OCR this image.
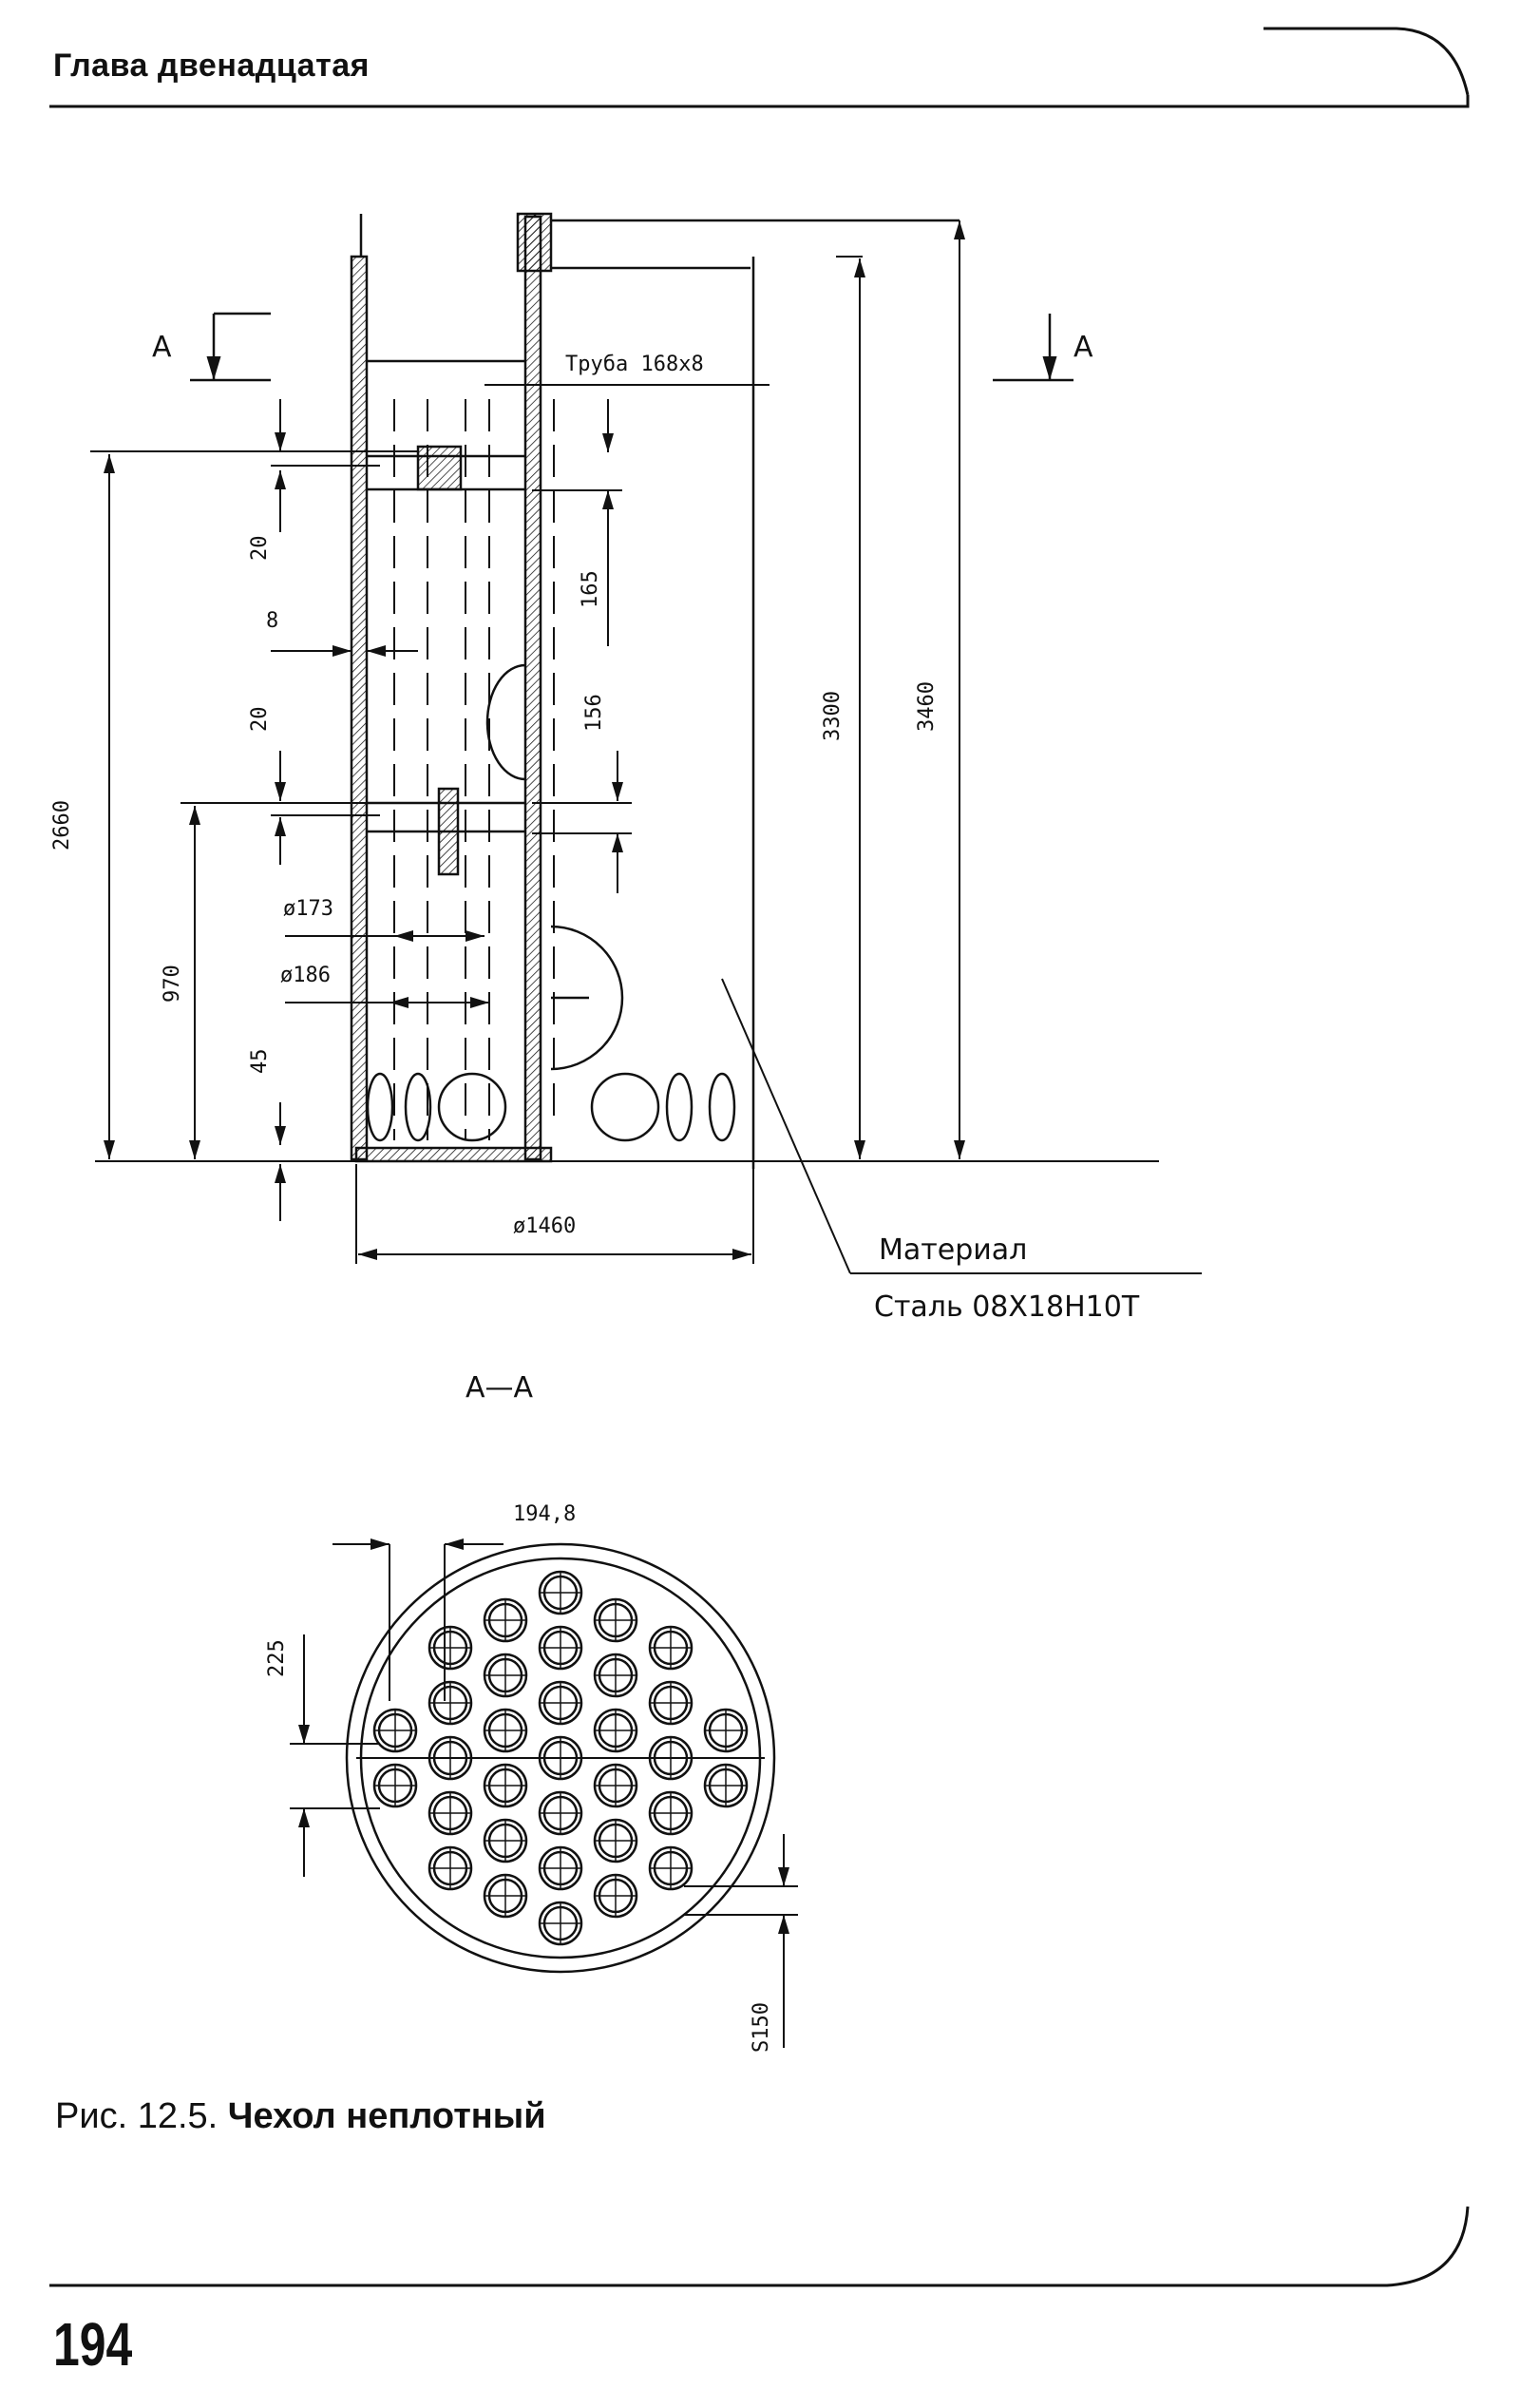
Глава двенадцатая
А	А
Труба 168х8
20
165
8
20	156
2660
3300	3460
970
45
ø173
ø186
ø1460
Материал
Сталь 08Х18Н10Т
А—А
194,8
225
S150
Рис. 12.5. Чехол неплотный
194
